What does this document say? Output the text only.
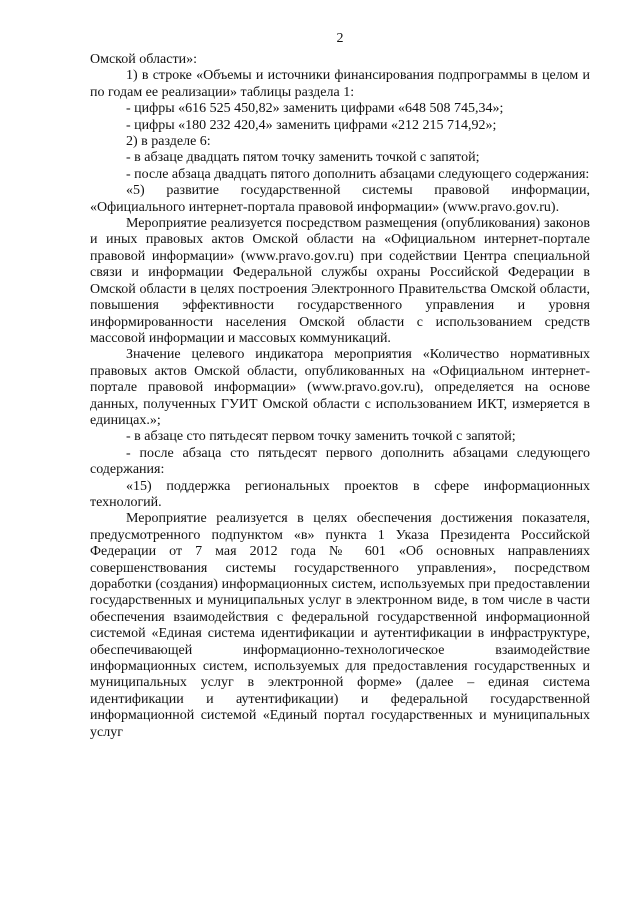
2

Омской области»:

1) в строке «Объемы и источники финансирования подпрограммы в целом и по годам ее реализации» таблицы раздела 1:

- цифры «616 525 450,82» заменить цифрами «648 508 745,34»;

- цифры «180 232 420,4» заменить цифрами «212 215 714,92»;

2) в разделе 6:

- в абзаце двадцать пятом точку заменить точкой с запятой;

- после абзаца двадцать пятого дополнить абзацами следующего содержания:

«5) развитие государственной системы правовой информации, «Официального интернет-портала правовой информации» (www.pravo.gov.ru).

Мероприятие реализуется посредством размещения (опубликования) законов и иных правовых актов Омской области на «Официальном интернет-портале правовой информации» (www.pravo.gov.ru) при содействии Центра специальной связи и информации Федеральной службы охраны Российской Федерации в Омской области в целях построения Электронного Правительства Омской области, повышения эффективности государственного управления и уровня информированности населения Омской области с использованием средств массовой информации и массовых коммуникаций.

Значение целевого индикатора мероприятия «Количество нормативных правовых актов Омской области, опубликованных на «Официальном интернет-портале правовой информации» (www.pravo.gov.ru), определяется на основе данных, полученных ГУИТ Омской области с использованием ИКТ, измеряется в единицах.»;

- в абзаце сто пятьдесят первом точку заменить точкой с запятой;

- после абзаца сто пятьдесят первого дополнить абзацами следующего содержания:

«15) поддержка региональных проектов в сфере информационных технологий.

Мероприятие реализуется в целях обеспечения достижения показателя, предусмотренного подпунктом «в» пункта 1 Указа Президента Российской Федерации от 7 мая 2012 года № 601 «Об основных направлениях совершенствования системы государственного управления», посредством доработки (создания) информационных систем, используемых при предоставлении государственных и муниципальных услуг в электронном виде, в том числе в части обеспечения взаимодействия с федеральной государственной информационной системой «Единая система идентификации и аутентификации в инфраструктуре, обеспечивающей информационно-технологическое взаимодействие информационных систем, используемых для предоставления государственных и муниципальных услуг в электронной форме» (далее – единая система идентификации и аутентификации) и федеральной государственной информационной системой «Единый портал государственных и муниципальных услуг
